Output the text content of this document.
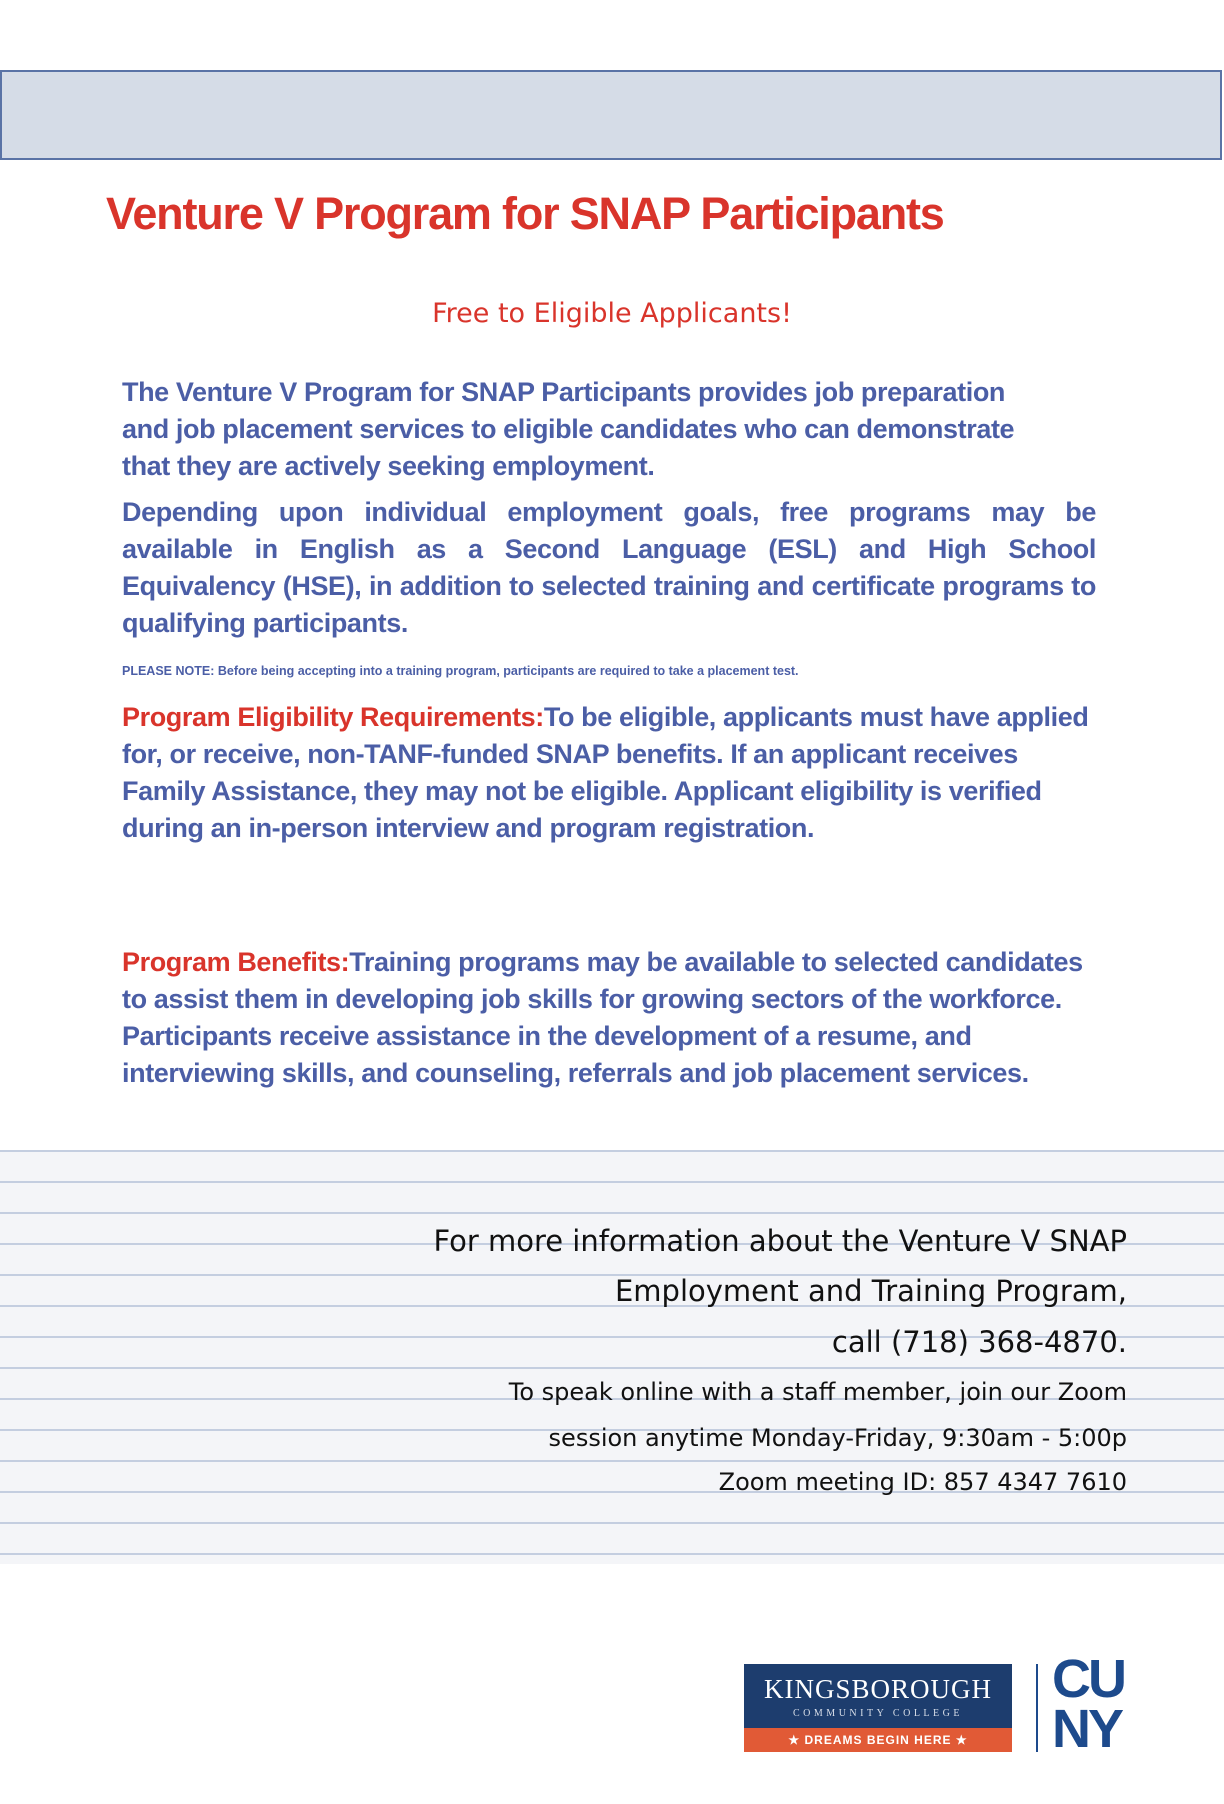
Venture V Program for SNAP Participants
Free to Eligible Applicants!
The Venture V Program for SNAP Participants provides job preparation and job placement services to eligible candidates who can demonstrate that they are actively seeking employment.
Depending upon individual employment goals, free programs may be available in English as a Second Language (ESL) and High School Equivalency (HSE), in addition to selected training and certificate programs to qualifying participants.
PLEASE NOTE: Before being accepting into a training program, participants are required to take a placement test.
Program Eligibility Requirements:To be eligible, applicants must have applied for, or receive, non-TANF-funded SNAP benefits. If an applicant receives Family Assistance, they may not be eligible. Applicant eligibility is verified during an in-person interview and program registration.
Program Benefits:Training programs may be available to selected candidates to assist them in developing job skills for growing sectors of the workforce. Participants receive assistance in the development of a resume, and interviewing skills, and counseling, referrals and job placement services.
For more information about the Venture V SNAP
Employment and Training Program,
call (718) 368-4870.
To speak online with a staff member, join our Zoom
session anytime Monday-Friday, 9:30am - 5:00p
Zoom meeting ID: 857 4347 7610
KINGSBOROUGH
COMMUNITY COLLEGE
★ DREAMS BEGIN HERE ★
CU
NY
